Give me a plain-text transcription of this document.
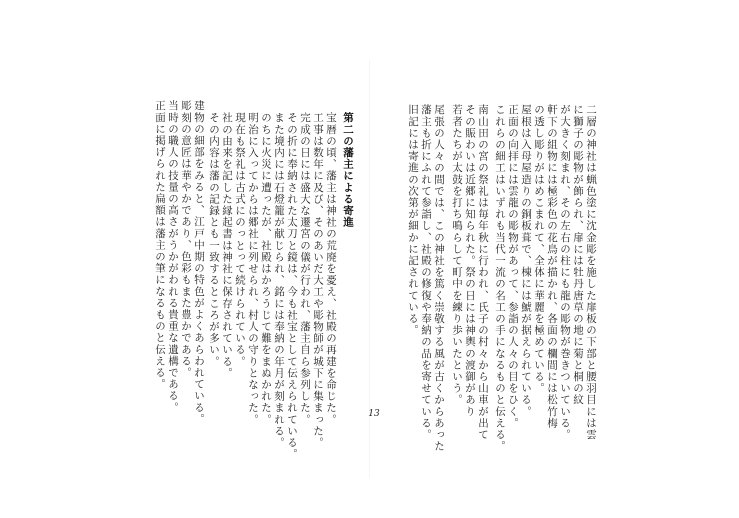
二層の神社は蝋色塗に沈金彫を施した扉板の下部と腰羽目には雲
に獅子の彫物が飾られ、扉には牡丹唐草の地に菊と桐の紋
が大きく刻まれ、その左右の柱にも龍の彫物が巻きついている。
軒下の組物には極彩色の花鳥が描かれ、各面の欄間には松竹梅
の透し彫りがはめこまれて、全体に華麗を極めている。
屋根は入母屋造りの銅板葺で、棟には鯱が据えられている。
正面の向拝には雲龍の彫物があって、参詣の人々の目をひく。
これらの細工はいずれも当代一流の名工の手になるものと伝える。
南山田の宮の祭礼は毎年秋に行われ、氏子の村々から山車が出て
その賑わいは近郷に知られた。祭の日には神輿の渡御があり
若者たちが太鼓を打ち鳴らして町中を練り歩いたという。
尾張の人々の間では、この神社を篤く崇敬する風が古くからあった
藩主も折にふれて参詣し、社殿の修復や奉納の品を寄せている。
旧記には寄進の次第が細かに記されている。
第二の藩主による寄進
宝暦の頃、藩主は神社の荒廃を憂え、社殿の再建を命じた。
工事は数年に及び、そのあいだ大工や彫物師が城下に集まった。
完成の日には盛大な遷宮の儀が行われ、藩主自ら参列した。
その折に奉納された太刀と鏡は、今も社宝として伝えられている。
また境内には石燈籠が献じられ、銘には奉納の年月が刻まれる。
のちに火災に遭ったが、社殿はかろうじて難をまぬかれた。
明治に入ってからは郷社に列せられ、村人の守りとなった。
現在も祭礼は古式にのっとって続けられている。
社の由来を記した縁起書は神社に保存されている。
その内容は藩の記録とも一致するところが多い。
建物の細部をみると、江戸中期の特色がよくあらわれている。
彫刻の意匠は華やかであり、色彩もまた豊かである。
当時の職人の技量の高さがうかがわれる貴重な遺構である。
正面に掲げられた扁額は藩主の筆になるものと伝える。
13
